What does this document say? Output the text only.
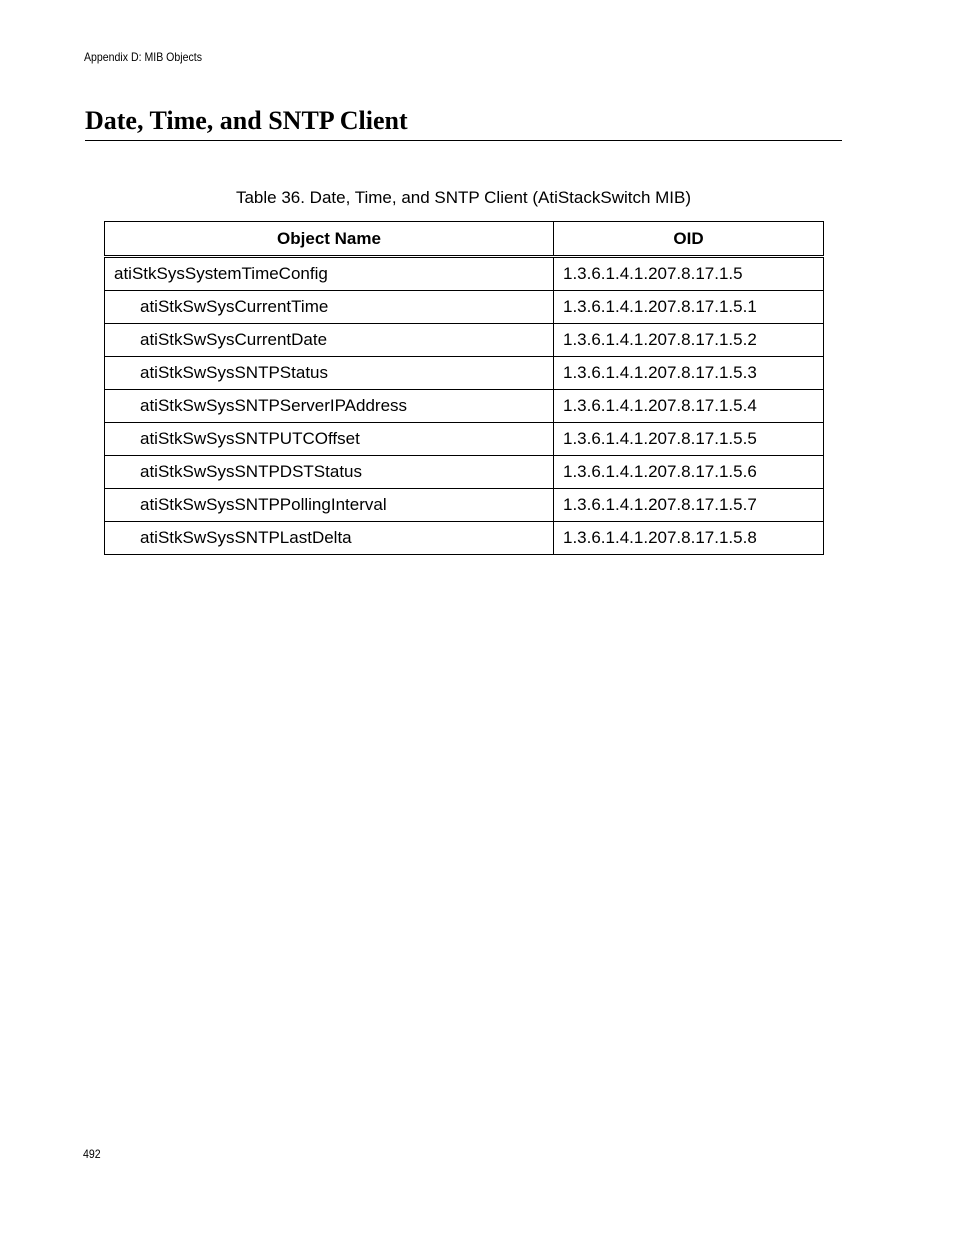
Appendix D: MIB Objects
Date, Time, and SNTP Client
Table 36. Date, Time, and SNTP Client (AtiStackSwitch MIB)
Object Name	OID
atiStkSysSystemTimeConfig	1.3.6.1.4.1.207.8.17.1.5
atiStkSwSysCurrentTime	1.3.6.1.4.1.207.8.17.1.5.1
atiStkSwSysCurrentDate	1.3.6.1.4.1.207.8.17.1.5.2
atiStkSwSysSNTPStatus	1.3.6.1.4.1.207.8.17.1.5.3
atiStkSwSysSNTPServerIPAddress	1.3.6.1.4.1.207.8.17.1.5.4
atiStkSwSysSNTPUTCOffset	1.3.6.1.4.1.207.8.17.1.5.5
atiStkSwSysSNTPDSTStatus	1.3.6.1.4.1.207.8.17.1.5.6
atiStkSwSysSNTPPollingInterval	1.3.6.1.4.1.207.8.17.1.5.7
atiStkSwSysSNTPLastDelta	1.3.6.1.4.1.207.8.17.1.5.8
492
